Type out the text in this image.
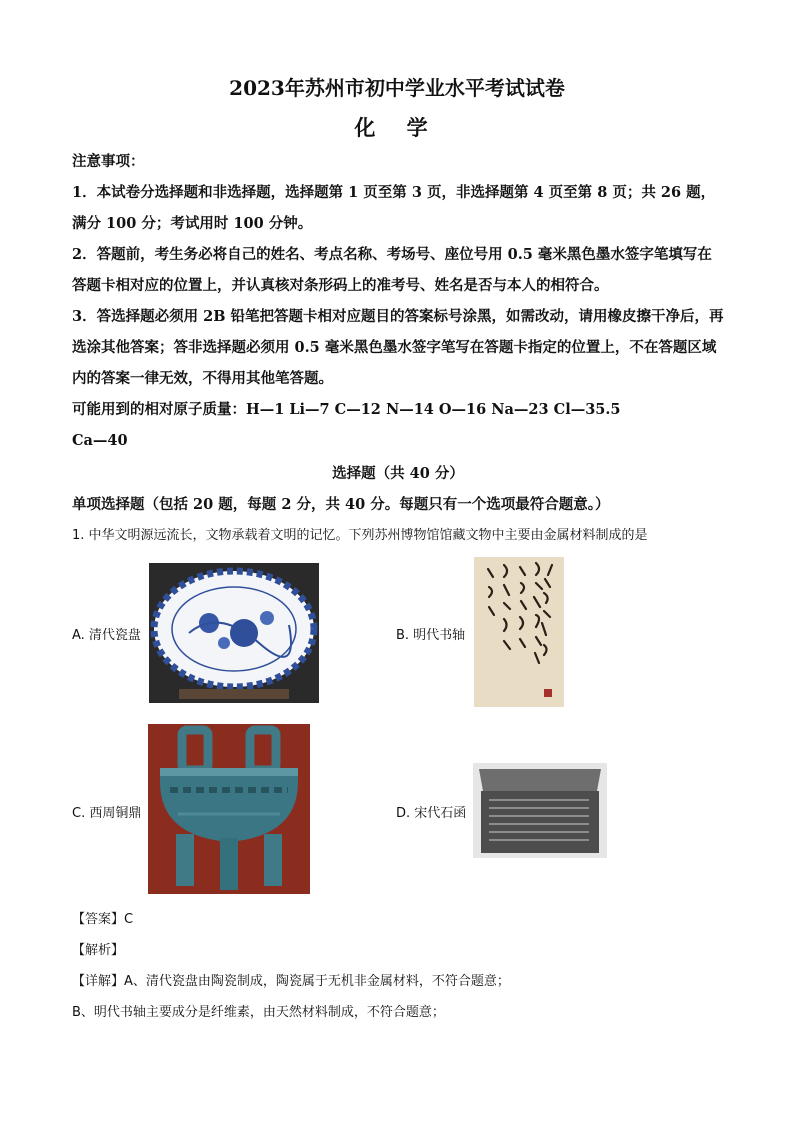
2023年苏州市初中学业水平考试试卷
化 学
注意事项：
1．本试卷分选择题和非选择题，选择题第 1 页至第 3 页，非选择题第 4 页至第 8 页；共 26 题，满分 100 分；考试用时 100 分钟。
2．答题前，考生务必将自己的姓名、考点名称、考场号、座位号用 0.5 毫米黑色墨水签字笔填写在答题卡相对应的位置上，并认真核对条形码上的准考号、姓名是否与本人的相符合。
3．答选择题必须用 2B 铅笔把答题卡相对应题目的答案标号涂黑，如需改动，请用橡皮擦干净后，再选涂其他答案；答非选择题必须用 0.5 毫米黑色墨水签字笔写在答题卡指定的位置上，不在答题区域内的答案一律无效，不得用其他笔答题。
可能用到的相对原子质量：H—1 Li—7 C—12 N—14 O—16 Na—23 Cl—35.5
Ca—40
选择题（共 40 分）
单项选择题（包括 20 题，每题 2 分，共 40 分。每题只有一个选项最符合题意。）
1. 中华文明源远流长，文物承载着文明的记忆。下列苏州博物馆馆藏文物中主要由金属材料制成的是
A. 清代瓷盘	B. 明代书轴
C. 西周铜鼎	D. 宋代石函
【答案】C
【解析】
【详解】A、清代瓷盘由陶瓷制成，陶瓷属于无机非金属材料，不符合题意；
B、明代书轴主要成分是纤维素，由天然材料制成，不符合题意；
